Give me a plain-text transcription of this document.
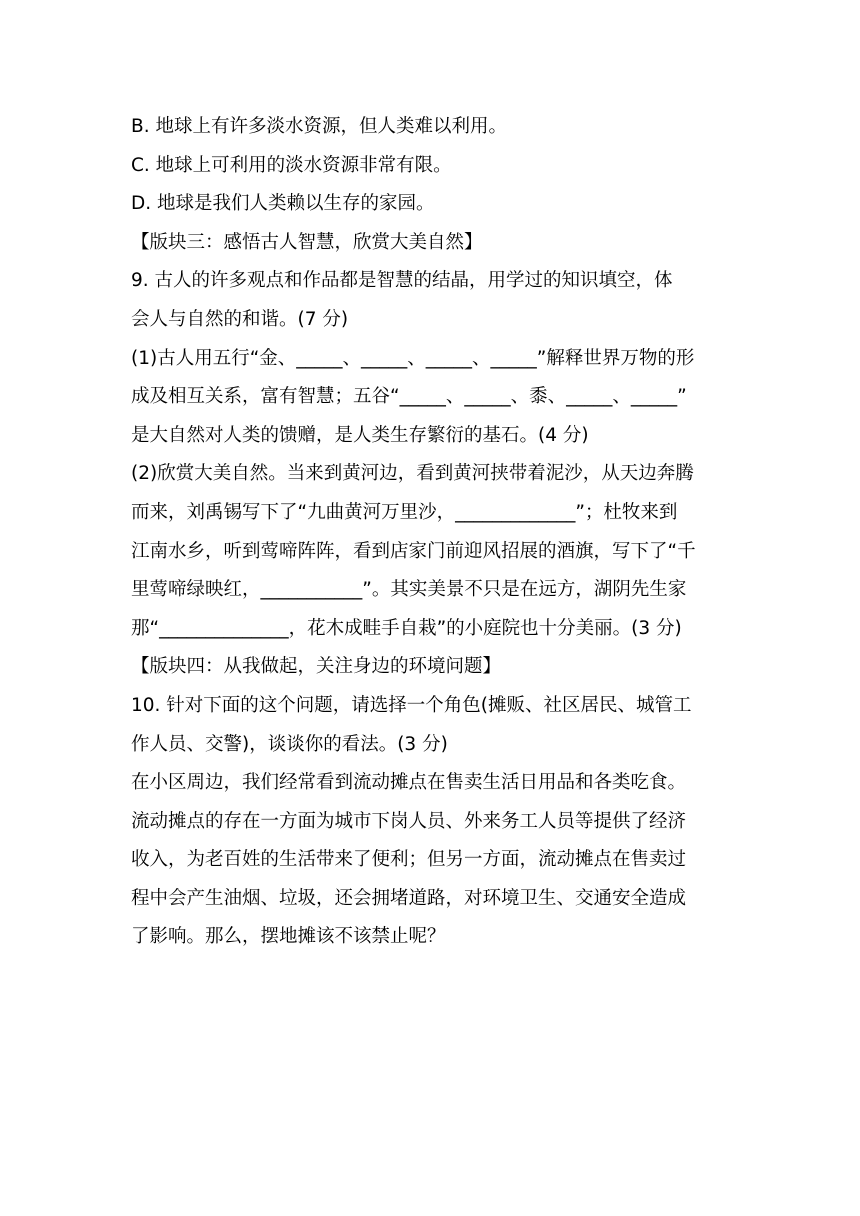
B. 地球上有许多淡水资源，但人类难以利用。
C. 地球上可利用的淡水资源非常有限。
D. 地球是我们人类赖以生存的家园。
【版块三：感悟古人智慧，欣赏大美自然】
9. 古人的许多观点和作品都是智慧的结晶，用学过的知识填空，体
会人与自然的和谐。(7 分)
(1)古人用五行“金、_____、_____、_____、_____”解释世界万物的形
成及相互关系，富有智慧；五谷“_____、_____、黍、_____、_____”
是大自然对人类的馈赠，是人类生存繁衍的基石。(4 分)
(2)欣赏大美自然。当来到黄河边，看到黄河挟带着泥沙，从天边奔腾
而来，刘禹锡写下了“九曲黄河万里沙，_____________”；杜牧来到
江南水乡，听到莺啼阵阵，看到店家门前迎风招展的酒旗，写下了“千
里莺啼绿映红，___________”。其实美景不只是在远方，湖阴先生家
那“______________，花木成畦手自栽”的小庭院也十分美丽。(3 分)
【版块四：从我做起，关注身边的环境问题】
10. 针对下面的这个问题，请选择一个角色(摊贩、社区居民、城管工
作人员、交警)，谈谈你的看法。(3 分)
在小区周边，我们经常看到流动摊点在售卖生活日用品和各类吃食。
流动摊点的存在一方面为城市下岗人员、外来务工人员等提供了经济
收入，为老百姓的生活带来了便利；但另一方面，流动摊点在售卖过
程中会产生油烟、垃圾，还会拥堵道路，对环境卫生、交通安全造成
了影响。那么，摆地摊该不该禁止呢？
